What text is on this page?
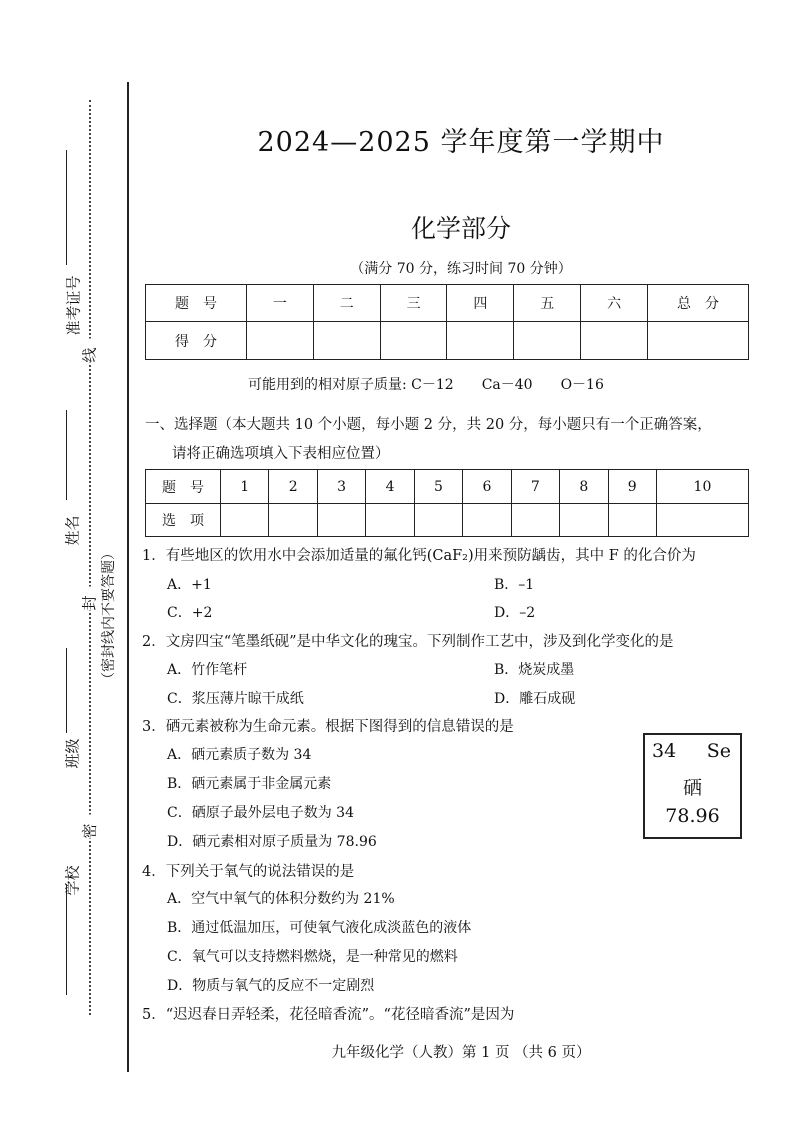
准考证号
姓名
班级
学校
线
封
密
（密封线内不要答题）
2024—2025 学年度第一学期中
化学部分
（满分 70 分，练习时间 70 分钟）
题　号	一	二	三	四	五	六	总　分
得　分							
可能用到的相对原子质量: C－12　　Ca－40　　O－16
一、选择题（本大题共 10 个小题，每小题 2 分，共 20 分，每小题只有一个正确答案，
请将正确选项填入下表相应位置）
题　号	1	2	3	4	5	6	7	8	9	10
选　项										
1．有些地区的饮用水中会添加适量的氟化钙(CaF₂)用来预防龋齿，其中 F 的化合价为
A．+1	B．–1
C．+2	D．–2
2．文房四宝“笔墨纸砚”是中华文化的瑰宝。下列制作工艺中，涉及到化学变化的是
A．竹作笔杆	B．烧炭成墨
C．浆压薄片晾干成纸	D．雕石成砚
3．硒元素被称为生命元素。根据下图得到的信息错误的是
A．硒元素质子数为 34
B．硒元素属于非金属元素
C．硒原子最外层电子数为 34
D．硒元素相对原子质量为 78.96
34 Se
硒
78.96
4．下列关于氧气的说法错误的是
A．空气中氧气的体积分数约为 21%
B．通过低温加压，可使氧气液化成淡蓝色的液体
C．氧气可以支持燃料燃烧，是一种常见的燃料
D．物质与氧气的反应不一定剧烈
5．“迟迟春日弄轻柔，花径暗香流”。“花径暗香流”是因为
九年级化学（人教）第 1 页 （共 6 页）
